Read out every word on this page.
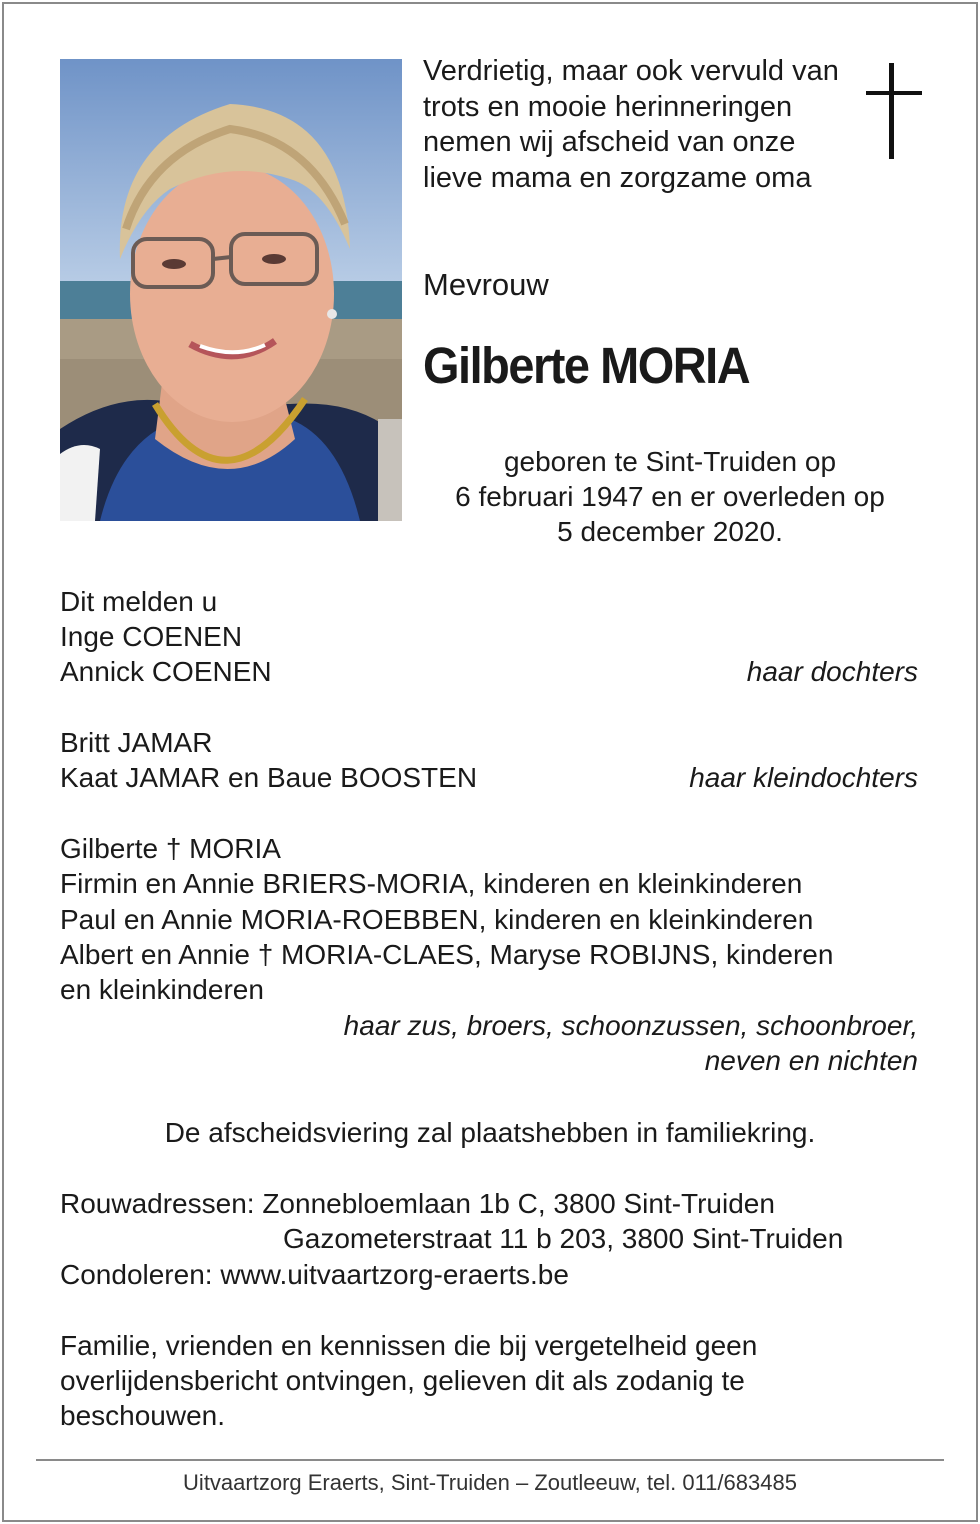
Verdrietig, maar ook vervuld van trots en mooie herinneringen nemen wij afscheid van onze lieve mama en zorgzame oma
Mevrouw
Gilberte MORIA
geboren te Sint-Truiden op
6 februari 1947 en er overleden op
5 december 2020.
Dit melden u
Inge COENEN
Annick COENEN	haar dochters
Britt JAMAR
Kaat JAMAR en Baue BOOSTEN	haar kleindochters
Gilberte † MORIA
Firmin en Annie BRIERS-MORIA, kinderen en kleinkinderen
Paul en Annie MORIA-ROEBBEN, kinderen en kleinkinderen
Albert en Annie † MORIA-CLAES, Maryse ROBIJNS, kinderen
en kleinkinderen
haar zus, broers, schoonzussen, schoonbroer,
neven en nichten
De afscheidsviering zal plaatshebben in familiekring.
Rouwadressen: Zonnebloemlaan 1b C, 3800 Sint-Truiden
Gazometerstraat 11 b 203, 3800 Sint-Truiden
Condoleren: www.uitvaartzorg-eraerts.be
Familie, vrienden en kennissen die bij vergetelheid geen
overlijdensbericht ontvingen, gelieven dit als zodanig te
beschouwen.
Uitvaartzorg Eraerts, Sint-Truiden – Zoutleeuw, tel. 011/683485
